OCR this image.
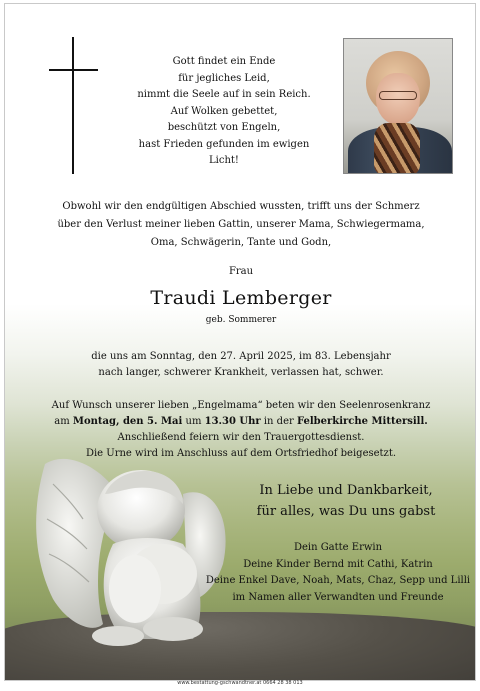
Gott findet ein Ende
für jegliches Leid,
nimmt die Seele auf in sein Reich.
Auf Wolken gebettet,
beschützt von Engeln,
hast Frieden gefunden im ewigen Licht!
Obwohl wir den endgültigen Abschied wussten, trifft uns der Schmerz
über den Verlust meiner lieben Gattin, unserer Mama, Schwiegermama,
Oma, Schwägerin, Tante und Godn,
Frau
Traudi Lemberger
geb. Sommerer
die uns am Sonntag, den 27. April 2025, im 83. Lebensjahr
nach langer, schwerer Krankheit, verlassen hat, schwer.
Auf Wunsch unserer lieben „Engelmama“ beten wir den Seelenrosenkranz
am Montag, den 5. Mai um 13.30 Uhr in der Felberkirche Mittersill.
Anschließend feiern wir den Trauergottesdienst.
Die Urne wird im Anschluss auf dem Ortsfriedhof beigesetzt.
In Liebe und Dankbarkeit,
für alles, was Du uns gabst
Dein Gatte Erwin
Deine Kinder Bernd mit Cathi, Katrin
Deine Enkel Dave, Noah, Mats, Chaz, Sepp und Lilli
im Namen aller Verwandten und Freunde
www.bestattung-gschwandtner.at 0664 28 38 013
